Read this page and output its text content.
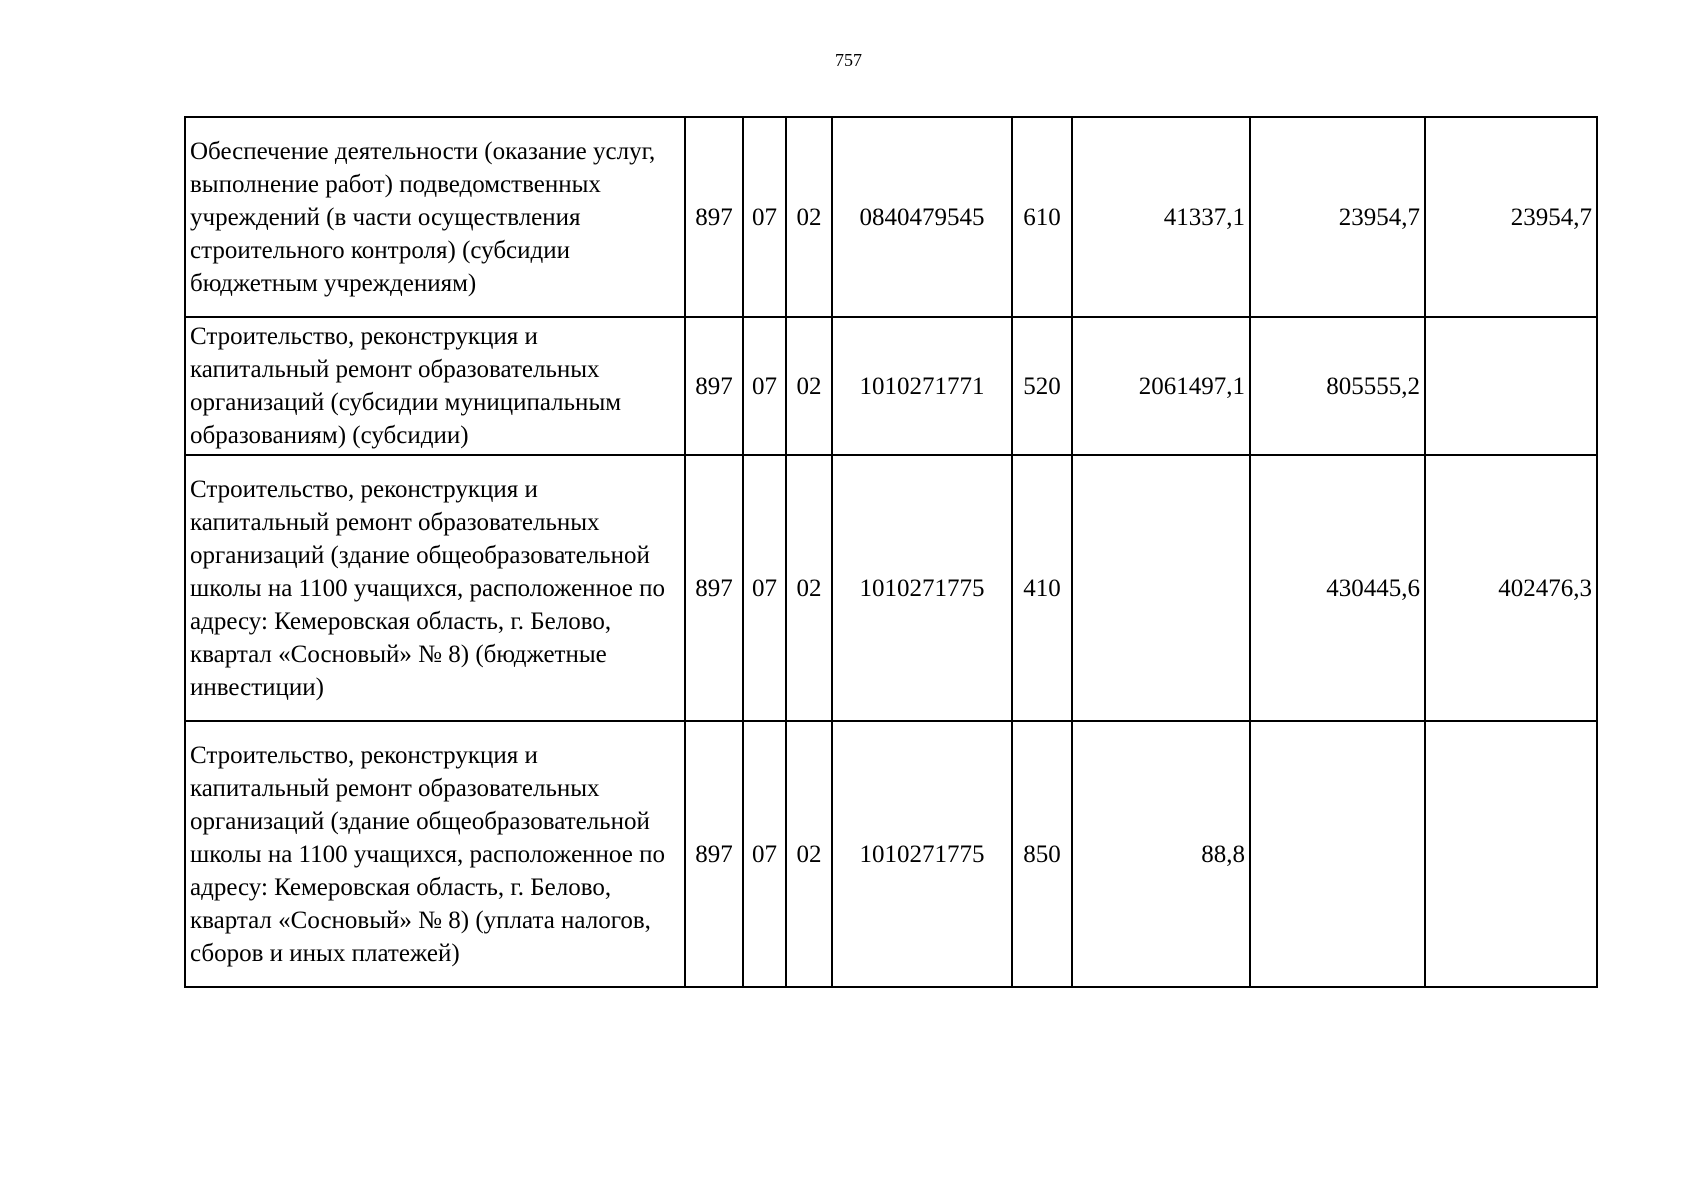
757
Обеспечение деятельности (оказание услуг, выполнение работ) подведомственных учреждений (в части осуществления строительного контроля) (субсидии бюджетным учреждениям)	897	07	02	0840479545	610	41337,1	23954,7	23954,7
Строительство, реконструкция и капитальный ремонт образовательных организаций (субсидии муниципальным образованиям) (субсидии)	897	07	02	1010271771	520	2061497,1	805555,2	
Строительство, реконструкция и капитальный ремонт образовательных организаций (здание общеобразовательной школы на 1100 учащихся, расположенное по адресу: Кемеровская область, г. Белово, квартал «Сосновый» № 8) (бюджетные инвестиции)	897	07	02	1010271775	410		430445,6	402476,3
Строительство, реконструкция и капитальный ремонт образовательных организаций (здание общеобразовательной школы на 1100 учащихся, расположенное по адресу: Кемеровская область, г. Белово, квартал «Сосновый» № 8) (уплата налогов, сборов и иных платежей)	897	07	02	1010271775	850	88,8		
